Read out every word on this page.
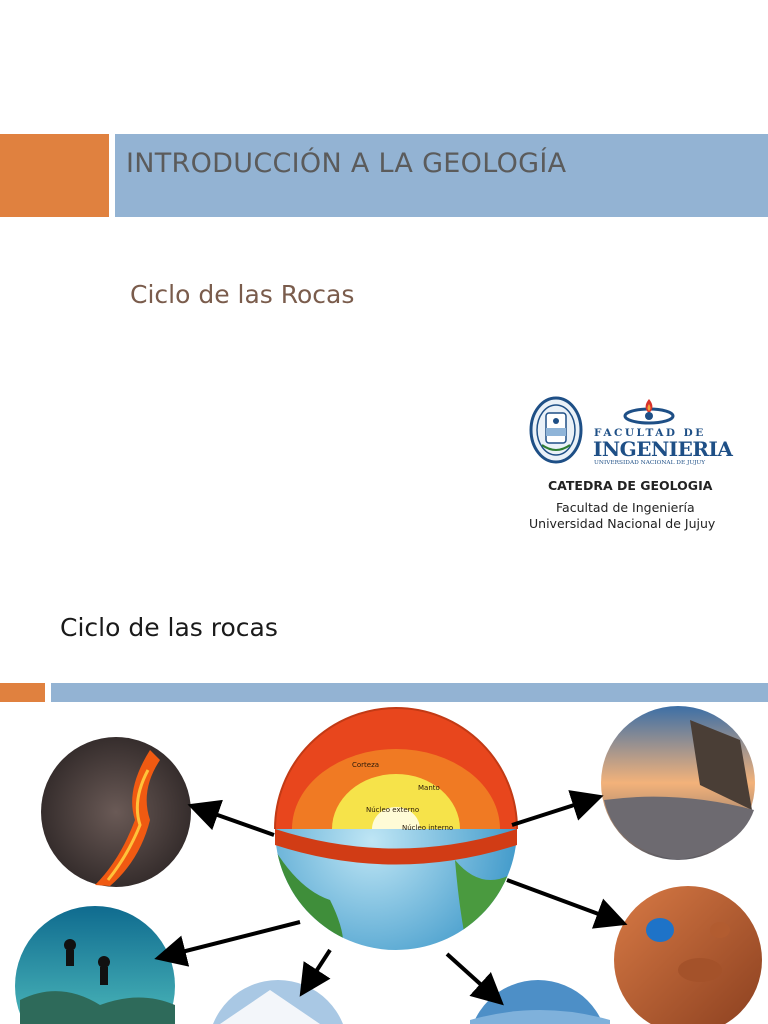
INTRODUCCIÓN A LA GEOLOGÍA
Ciclo de las Rocas
FACULTAD DE
INGENIERIA
UNIVERSIDAD NACIONAL DE JUJUY
CATEDRA DE GEOLOGIA
Facultad de Ingeniería
Universidad Nacional de Jujuy
Ciclo de las rocas
Corteza
Manto
Núcleo externo
Núcleo interno
